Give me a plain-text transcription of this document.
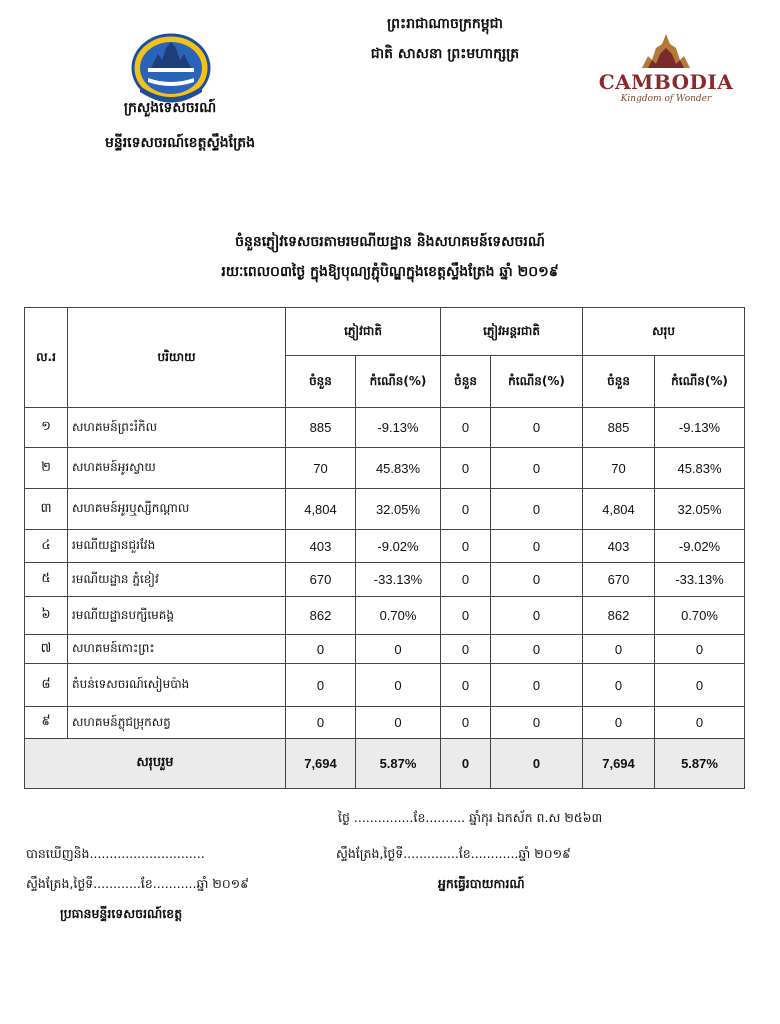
ព្រះរាជាណាចក្រកម្ពុជា
ជាតិ សាសនា ព្រះមហាក្សត្រ
ក្រសួងទេសចរណ៍
មន្ទីរទេសចរណ៍ខេត្តស្ទឹងត្រែង
CAMBODIA
Kingdom of Wonder
ចំនួនភ្ញៀវទេសចរតាមរមណីយដ្ឋាន និងសហគមន៍ទេសចរណ៍
រយៈពេល០៣ថ្ងៃ ក្នុងឱ្យបុណ្យភ្ជុំបិណ្ឌក្នុងខេត្តស្ទឹងត្រែង ឆ្នាំ ២០១៩
ល.រ	បរិយាយ	ភ្ញៀវជាតិ		ភ្ញៀវអន្តរជាតិ		សរុប	
		ចំនួន	កំណើន(%)	ចំនួន	កំណើន(%)	ចំនួន	កំណើន(%)
១	សហគមន៍ព្រះរំកិល	885	-9.13%	0	0	885	-9.13%
២	សហគមន៍អូរស្វាយ	70	45.83%	0	0	70	45.83%
៣	សហគមន៍អូរឬស្សីកណ្ដាល	4,804	32.05%	0	0	4,804	32.05%
៤	រមណីយដ្ឋានជួរវែង	403	-9.02%	0	0	403	-9.02%
៥	រមណីយដ្ឋាន ភ្នំខៀវ	670	-33.13%	0	0	670	-33.13%
៦	រមណីយដ្ឋានបក្សីមេគង្គ	862	0.70%	0	0	862	0.70%
៧	សហគមន៍កោះព្រះ	0	0	0	0	0	0
៨	តំបន់ទេសចរណ៍សៀមប៉ាង	0	0	0	0	0	0
៩	សហគមន៍ភ្លុជម្រុកសត្វ	0	0	0	0	0	0
សរុបរួម		7,694	5.87%	0	0	7,694	5.87%
ថ្ងៃ ...............ខែ.......... ឆ្នាំកុរ ឯកស័ក ព.ស ២៥៦៣
បានឃើញនិង.............................	ស្ទឹងត្រែង,ថ្ងៃទី..............ខែ............ឆ្នាំ ២០១៩
ស្ទឹងត្រែង,ថ្ងៃទី............ខែ...........ឆ្នាំ ២០១៩	អ្នកធ្វើរបាយការណ៍
ប្រធានមន្ទីរទេសចរណ៍ខេត្ត
